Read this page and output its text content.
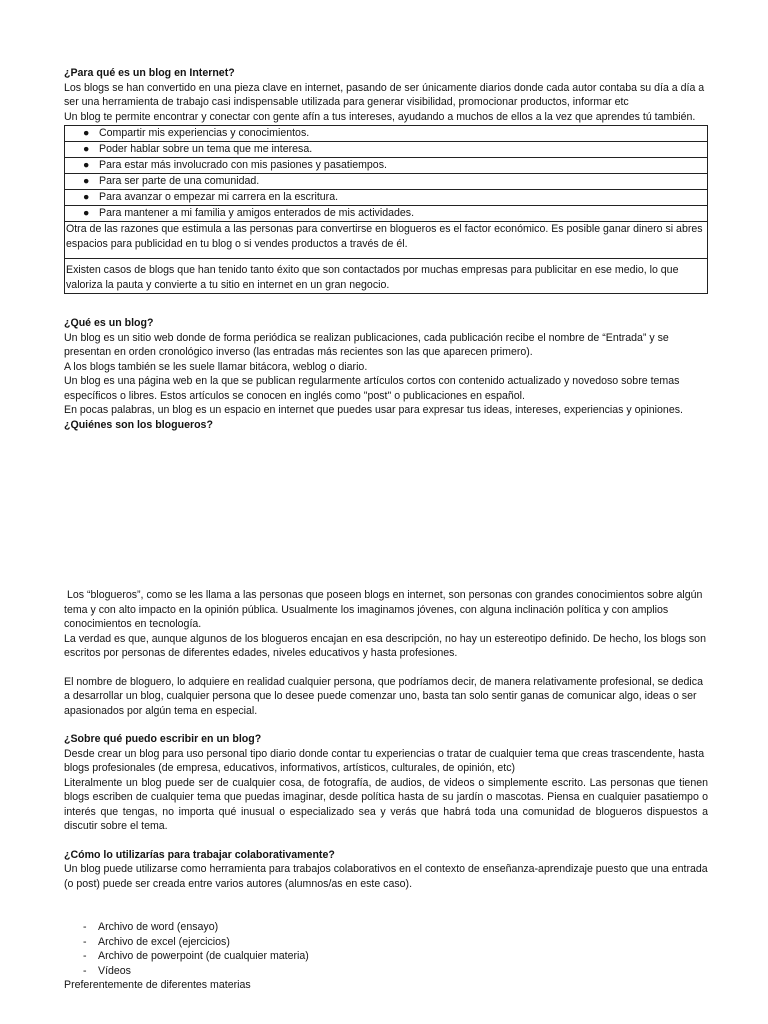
¿Para qué es un blog en Internet?

Los blogs se han convertido en una pieza clave en internet, pasando de ser únicamente diarios donde cada autor contaba su día a día a ser una herramienta de trabajo casi indispensable utilizada para generar visibilidad, promocionar productos, informar etc

Un blog te permite encontrar y conectar con gente afín a tus intereses, ayudando a muchos de ellos a la vez que aprendes tú también.

● Compartir mis experiencias y conocimientos.
● Poder hablar sobre un tema que me interesa.
● Para estar más involucrado con mis pasiones y pasatiempos.
● Para ser parte de una comunidad.
● Para avanzar o empezar mi carrera en la escritura.
● Para mantener a mi familia y amigos enterados de mis actividades.
Otra de las razones que estimula a las personas para convertirse en blogueros es el factor económico. Es posible ganar dinero si abres espacios para publicidad en tu blog o si vendes productos a través de él.
Existen casos de blogs que han tenido tanto éxito que son contactados por muchas empresas para publicitar en ese medio, lo que valoriza la pauta y convierte a tu sitio en internet en un gran negocio.

¿Qué es un blog?

Un blog es un sitio web donde de forma periódica se realizan publicaciones, cada publicación recibe el nombre de “Entrada” y se presentan en orden cronológico inverso (las entradas más recientes son las que aparecen primero).

A los blogs también se les suele llamar bitácora, weblog o diario.

Un blog es una página web en la que se publican regularmente artículos cortos con contenido actualizado y novedoso sobre temas específicos o libres. Estos artículos se conocen en inglés como "post" o publicaciones en español.

En pocas palabras, un blog es un espacio en internet que puedes usar para expresar tus ideas, intereses, experiencias y opiniones.

¿Quiénes son los blogueros?

Los “blogueros”, como se les llama a las personas que poseen blogs en internet, son personas con grandes conocimientos sobre algún tema y con alto impacto en la opinión pública. Usualmente los imaginamos jóvenes, con alguna inclinación política y con amplios conocimientos en tecnología.

La verdad es que, aunque algunos de los blogueros encajan en esa descripción, no hay un estereotipo definido. De hecho, los blogs son escritos por personas de diferentes edades, niveles educativos y hasta profesiones.

El nombre de bloguero, lo adquiere en realidad cualquier persona, que podríamos decir, de manera relativamente profesional, se dedica a desarrollar un blog, cualquier persona que lo desee puede comenzar uno, basta tan solo sentir ganas de comunicar algo, ideas o ser apasionados por algún tema en especial.

¿Sobre qué puedo escribir en un blog?

Desde crear un blog para uso personal tipo diario donde contar tu experiencias o tratar de cualquier tema que creas trascendente, hasta blogs profesionales (de empresa, educativos, informativos, artísticos, culturales, de opinión, etc)

Literalmente un blog puede ser de cualquier cosa, de fotografía, de audios, de videos o simplemente escrito. Las personas que tienen blogs escriben de cualquier tema que puedas imaginar, desde política hasta de su jardín o mascotas. Piensa en cualquier pasatiempo o interés que tengas, no importa qué inusual o especializado sea y verás que habrá toda una comunidad de blogueros dispuestos a discutir sobre el tema.

¿Cómo lo utilizarías para trabajar colaborativamente?

Un blog puede utilizarse como herramienta para trabajos colaborativos en el contexto de enseñanza-aprendizaje puesto que una entrada (o post) puede ser creada entre varios autores (alumnos/as en este caso).

- Archivo de word (ensayo)
- Archivo de excel (ejercicios)
- Archivo de powerpoint (de cualquier materia)
- Vídeos

Preferentemente de diferentes materias
